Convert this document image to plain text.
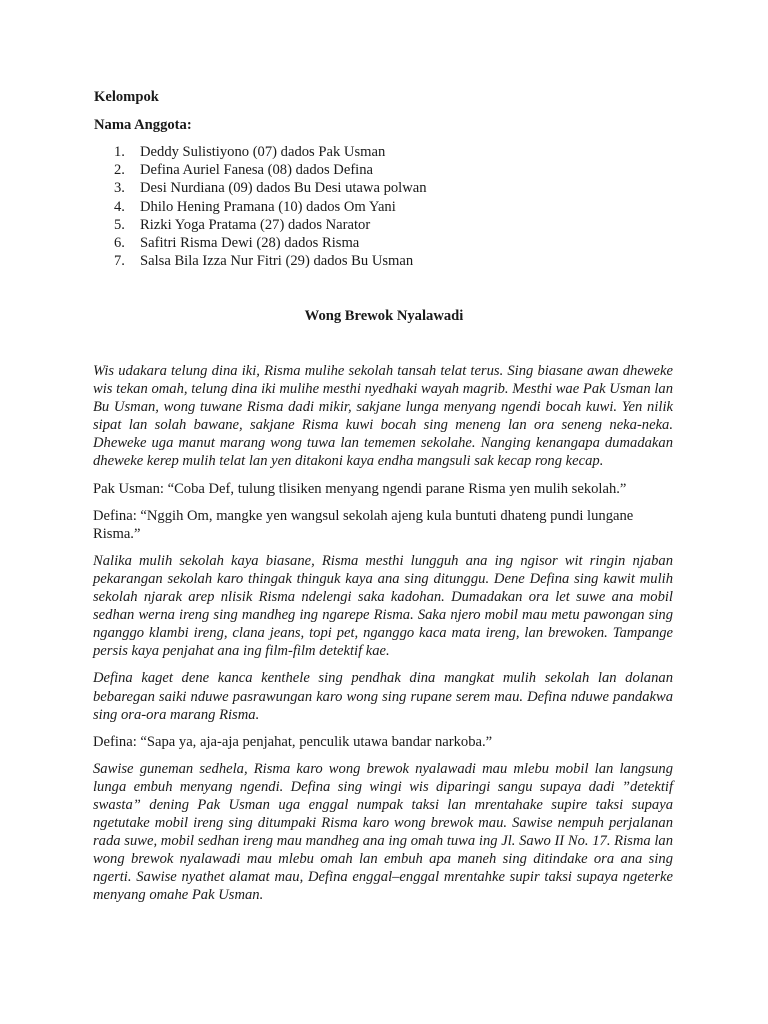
Kelompok
Nama Anggota:
1. Deddy Sulistiyono (07) dados Pak Usman
2. Defina Auriel Fanesa (08) dados Defina
3. Desi Nurdiana (09) dados Bu Desi utawa polwan
4. Dhilo Hening Pramana (10) dados Om Yani
5. Rizki Yoga Pratama (27) dados Narator
6. Safitri Risma Dewi (28) dados Risma
7. Salsa Bila Izza Nur Fitri (29) dados Bu Usman
Wong Brewok Nyalawadi

Wis udakara telung dina iki, Risma mulihe sekolah tansah telat terus. Sing biasane awan dheweke wis tekan omah, telung dina iki mulihe mesthi nyedhaki wayah magrib. Mesthi wae Pak Usman lan Bu Usman, wong tuwane Risma dadi mikir, sakjane lunga menyang ngendi bocah kuwi. Yen nilik sipat lan solah bawane, sakjane Risma kuwi bocah sing meneng lan ora seneng neka-neka. Dheweke uga manut marang wong tuwa lan tememen sekolahe. Nanging kenangapa dumadakan dheweke kerep mulih telat lan yen ditakoni kaya endha mangsuli sak kecap rong kecap.

Pak Usman: “Coba Def, tulung tlisiken menyang ngendi parane Risma yen mulih sekolah.”

Defina: “Nggih Om, mangke yen wangsul sekolah ajeng kula buntuti dhateng pundi lungane Risma.”

Nalika mulih sekolah kaya biasane, Risma mesthi lungguh ana ing ngisor wit ringin njaban pekarangan sekolah karo thingak thinguk kaya ana sing ditunggu. Dene Defina sing kawit mulih sekolah njarak arep nlisik Risma ndelengi saka kadohan. Dumadakan ora let suwe ana mobil sedhan werna ireng sing mandheg ing ngarepe Risma. Saka njero mobil mau metu pawongan sing nganggo klambi ireng, clana jeans, topi pet, nganggo kaca mata ireng, lan brewoken. Tampange persis kaya penjahat ana ing film-film detektif kae.

Defina kaget dene kanca kenthele sing pendhak dina mangkat mulih sekolah lan dolanan bebaregan saiki nduwe pasrawungan karo wong sing rupane serem mau. Defina nduwe pandakwa sing ora-ora marang Risma.

Defina: “Sapa ya, aja-aja penjahat, penculik utawa bandar narkoba.”

Sawise guneman sedhela, Risma karo wong brewok nyalawadi mau mlebu mobil lan langsung lunga embuh menyang ngendi. Defina sing wingi wis diparingi sangu supaya dadi ”detektif swasta” dening Pak Usman uga enggal numpak taksi lan mrentahake supire taksi supaya ngetutake mobil ireng sing ditumpaki Risma karo wong brewok mau. Sawise nempuh perjalanan rada suwe, mobil sedhan ireng mau mandheg ana ing omah tuwa ing Jl. Sawo II No. 17. Risma lan wong brewok nyalawadi mau mlebu omah lan embuh apa maneh sing ditindake ora ana sing ngerti. Sawise nyathet alamat mau, Defina enggal–enggal mrentahke supir taksi supaya ngeterke menyang omahe Pak Usman.
